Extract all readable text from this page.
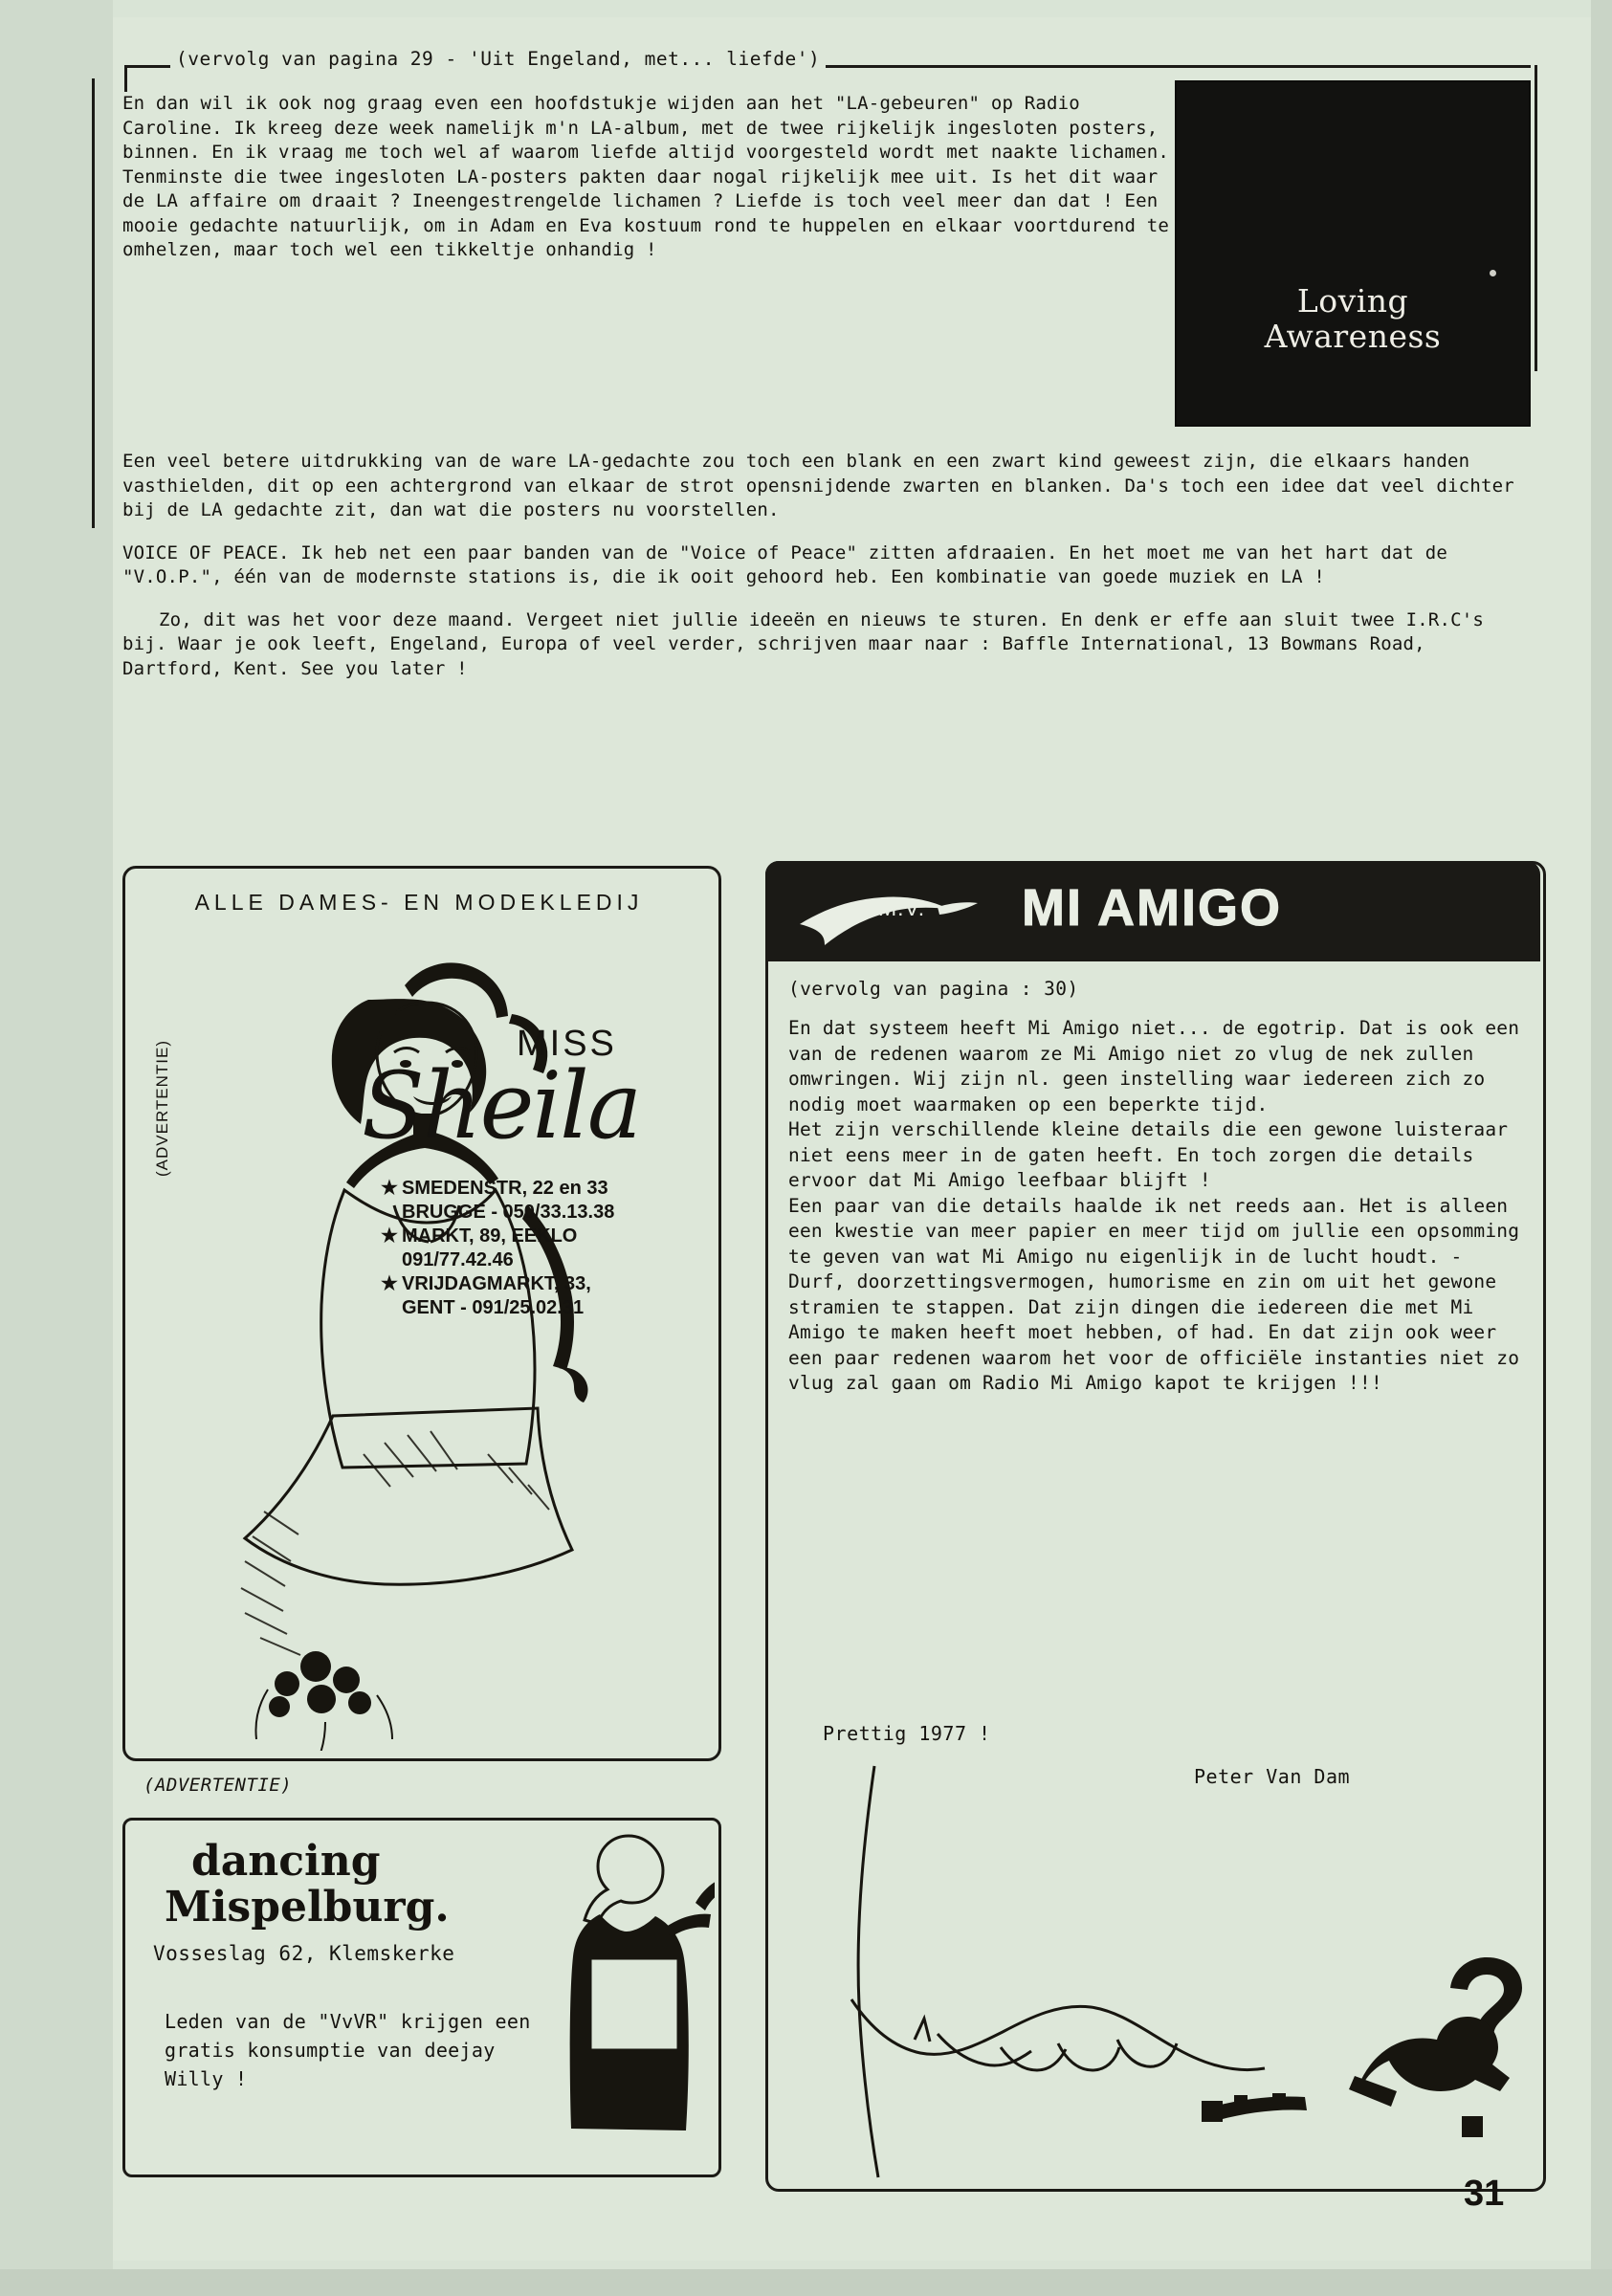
(vervolg van pagina 29 - 'Uit Engeland, met... liefde')
Loving
Awareness

En dan wil ik ook nog graag even een hoofdstukje wijden aan het "LA-gebeuren" op Radio Caroline. Ik kreeg deze week namelijk m'n LA-album, met de twee rijkelijk ingesloten posters, binnen. En ik vraag me toch wel af waarom liefde altijd voorgesteld wordt met naakte lichamen. Tenminste die twee ingesloten LA-posters pakten daar nogal rijkelijk mee uit. Is het dit waar de LA affaire om draait ? Ineengestrengelde lichamen ? Liefde is toch veel meer dan dat ! Een mooie gedachte natuurlijk, om in Adam en Eva kostuum rond te huppelen en elkaar voortdurend te omhelzen, maar toch wel een tikkeltje onhandig !

Een veel betere uitdrukking van de ware LA-gedachte zou toch een blank en een zwart kind geweest zijn, die elkaars handen vasthielden, dit op een achtergrond van elkaar de strot opensnijdende zwarten en blanken. Da's toch een idee dat veel dichter bij de LA gedachte zit, dan wat die posters nu voorstellen.

VOICE OF PEACE. Ik heb net een paar banden van de "Voice of Peace" zitten afdraaien. En het moet me van het hart dat de "V.O.P.", één van de modernste stations is, die ik ooit gehoord heb. Een kombinatie van goede muziek en LA !

Zo, dit was het voor deze maand. Vergeet niet jullie ideeën en nieuws te sturen. En denk er effe aan sluit twee I.R.C's bij. Waar je ook leeft, Engeland, Europa of veel verder, schrijven maar naar : Baffle International, 13 Bowmans Road, Dartford, Kent. See you later !

ALLE DAMES- EN MODEKLEDIJ
(ADVERTENTIE)	MISS
Sheila
★ SMEDENSTR, 22 en 33
BRUGGE - 050/33.13.38
★ MARKT, 89, EEKLO
091/77.42.46
★ VRIJDAGMARKT, 33,
GENT - 091/25.02.31
(ADVERTENTIE)
dancing
Mispelburg.
Vosseslag 62, Klemskerke
Leden van de "VvVR" krijgen een gratis konsumptie van deejay Willy !
M.V. MI AMIGO
(vervolg van pagina : 30)

En dat systeem heeft Mi Amigo niet... de egotrip. Dat is ook een van de redenen waarom ze Mi Amigo niet zo vlug de nek zullen omwringen. Wij zijn nl. geen instelling waar iedereen zich zo nodig moet waarmaken op een beperkte tijd.

Het zijn verschillende kleine details die een gewone luisteraar niet eens meer in de gaten heeft. En toch zorgen die details ervoor dat Mi Amigo leefbaar blijft !

Een paar van die details haalde ik net reeds aan. Het is alleen een kwestie van meer papier en meer tijd om jullie een opsomming te geven van wat Mi Amigo nu eigenlijk in de lucht houdt. - Durf, doorzettingsvermogen, humorisme en zin om uit het gewone stramien te stappen. Dat zijn dingen die iedereen die met Mi Amigo te maken heeft moet hebben, of had. En dat zijn ook weer een paar redenen waarom het voor de officiële instanties niet zo vlug zal gaan om Radio Mi Amigo kapot te krijgen !!!

Prettig 1977 !
Peter Van Dam
31
